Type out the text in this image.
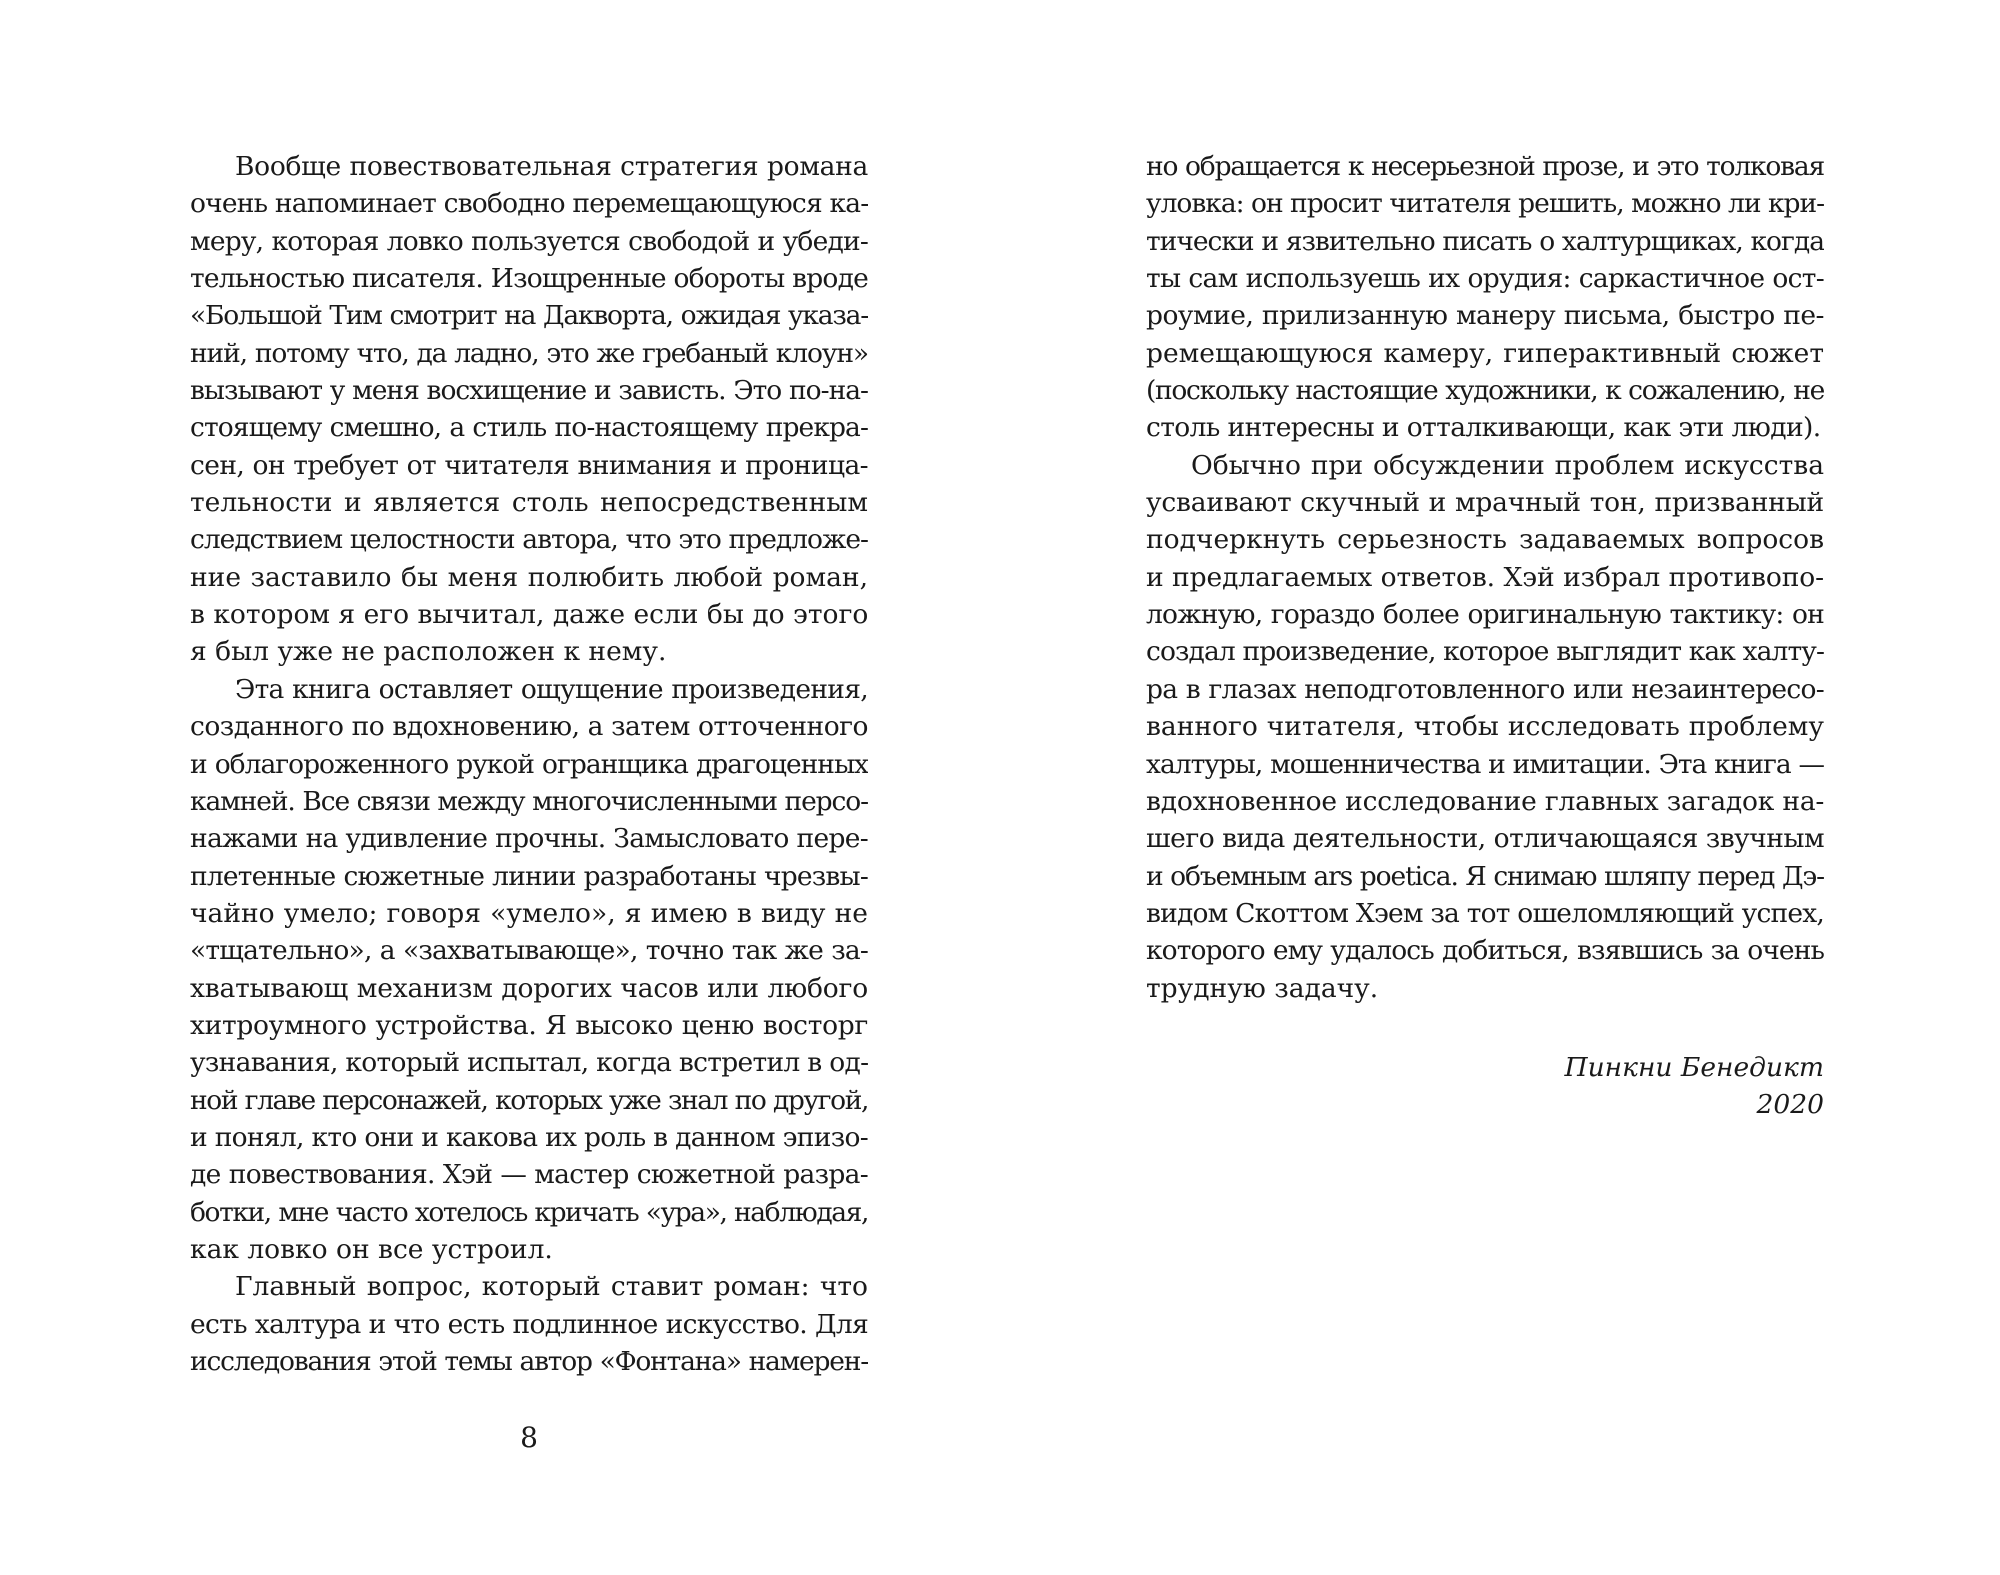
Вообще повествовательная стратегия романа
очень напоминает свободно перемещающуюся ка-
меру, которая ловко пользуется свободой и убеди-
тельностью писателя. Изощренные обороты вроде
«Большой Тим смотрит на Дакворта, ожидая указа-
ний, потому что, да ладно, это же гребаный клоун»
вызывают у меня восхищение и зависть. Это по-на-
стоящему смешно, а стиль по-настоящему прекра-
сен, он требует от читателя внимания и проница-
тельности и является столь непосредственным
следствием целостности автора, что это предложе-
ние заставило бы меня полюбить любой роман,
в котором я его вычитал, даже если бы до этого
я был уже не расположен к нему.
Эта книга оставляет ощущение произведения,
созданного по вдохновению, а затем отточенного
и облагороженного рукой огранщика драгоценных
камней. Все связи между многочисленными персо-
нажами на удивление прочны. Замысловато пере-
плетенные сюжетные линии разработаны чрезвы-
чайно умело; говоря «умело», я имею в виду не
«тщательно», а «захватывающе», точно так же за-
хватывающ механизм дорогих часов или любого
хитроумного устройства. Я высоко ценю восторг
узнавания, который испытал, когда встретил в од-
ной главе персонажей, которых уже знал по другой,
и понял, кто они и какова их роль в данном эпизо-
де повествования. Хэй — мастер сюжетной разра-
ботки, мне часто хотелось кричать «ура», наблюдая,
как ловко он все устроил.
Главный вопрос, который ставит роман: что
есть халтура и что есть подлинное искусство. Для
исследования этой темы автор «Фонтана» намерен-
8
но обращается к несерьезной прозе, и это толковая
уловка: он просит читателя решить, можно ли кри-
тически и язвительно писать о халтурщиках, когда
ты сам используешь их орудия: саркастичное ост-
роумие, прилизанную манеру письма, быстро пе-
ремещающуюся камеру, гиперактивный сюжет
(поскольку настоящие художники, к сожалению, не
столь интересны и отталкивающи, как эти люди).
Обычно при обсуждении проблем искусства
усваивают скучный и мрачный тон, призванный
подчеркнуть серьезность задаваемых вопросов
и предлагаемых ответов. Хэй избрал противопо-
ложную, гораздо более оригинальную тактику: он
создал произведение, которое выглядит как халту-
ра в глазах неподготовленного или незаинтересо-
ванного читателя, чтобы исследовать проблему
халтуры, мошенничества и имитации. Эта книга —
вдохновенное исследование главных загадок на-
шего вида деятельности, отличающаяся звучным
и объемным ars poetica. Я снимаю шляпу перед Дэ-
видом Скоттом Хэем за тот ошеломляющий успех,
которого ему удалось добиться, взявшись за очень
трудную задачу.
Пинкни Бенедикт
2020
